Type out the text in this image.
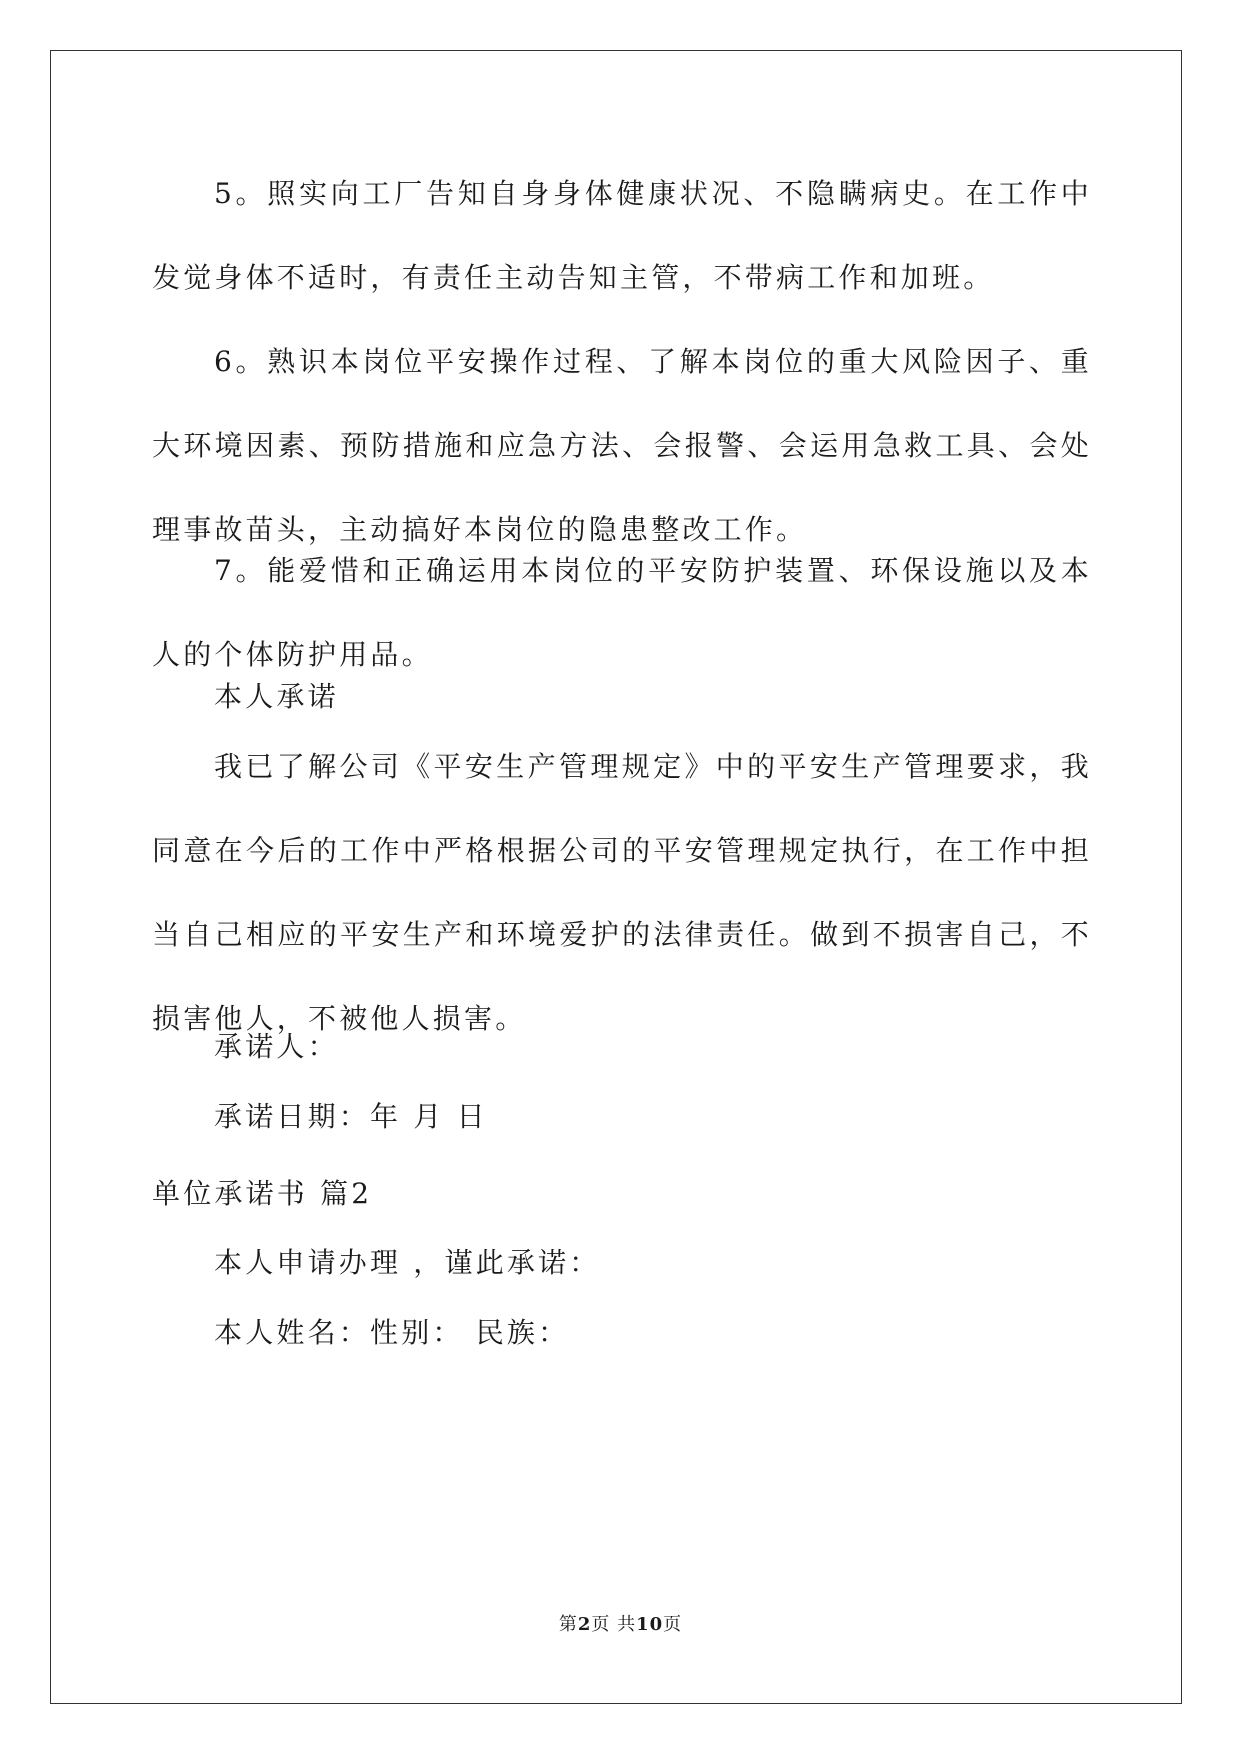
5。照实向工厂告知自身身体健康状况、不隐瞒病史。在工作中发觉身体不适时，有责任主动告知主管，不带病工作和加班。

6。熟识本岗位平安操作过程、了解本岗位的重大风险因子、重大环境因素、预防措施和应急方法、会报警、会运用急救工具、会处理事故苗头，主动搞好本岗位的隐患整改工作。

7。能爱惜和正确运用本岗位的平安防护装置、环保设施以及本人的个体防护用品。

本人承诺

我已了解公司《平安生产管理规定》中的平安生产管理要求，我同意在今后的工作中严格根据公司的平安管理规定执行，在工作中担当自己相应的平安生产和环境爱护的法律责任。做到不损害自己，不损害他人，不被他人损害。

承诺人：

承诺日期：年 月 日

单位承诺书 篇2

本人申请办理 ，谨此承诺：

本人姓名：性别： 民族：

第2页 共10页
